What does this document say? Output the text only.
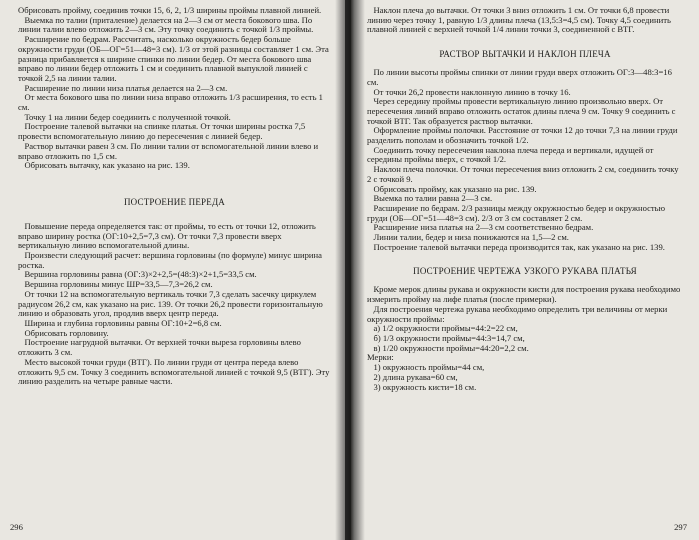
Обрисовать пройму, соединив точки 15, 6, 2, 1/3 ширины проймы плавной линией.

Выемка по талии (приталение) делается на 2—3 см от места бокового шва. По линии талии влево отложить 2—3 см. Эту точку соединить с точкой 1/3 проймы.

Расширение по бедрам. Рассчитать, насколько окружность бедер больше окружности груди (ОБ—ОГ=51—48=3 см). 1/3 от этой разницы составляет 1 см. Эта разница прибавляется к ширине спинки по линии бедер. От места бокового шва вправо по линии бедер отложить 1 см и соединить плавной выпуклой линией с точкой 2,5 на линии талии.

Расширение по линии низа платья делается на 2—3 см.

От места бокового шва по линии низа вправо отложить 1/3 расширения, то есть 1 см.

Точку 1 на линии бедер соединить с полученной точкой.

Построение талевой вытачки на спинке платья. От точки ширины ростка 7,5 провести вспомогательную линию до пересечения с линией бедер.

Раствор вытачки равен 3 см. По линии талии от вспомогательной линии влево и вправо отложить по 1,5 см.

Обрисовать вытачку, как указано на рис. 139.

ПОСТРОЕНИЕ ПЕРЕДА

Повышение переда определяется так: от проймы, то есть от точки 12, отложить вправо ширину ростка (ОГ:10+2,5=7,3 см). От точки 7,3 провести вверх вертикальную линию вспомогательной длины.

Произвести следующий расчет: вершина горловины (по формуле) минус ширина ростка.

Вершина горловины равна (ОГ:3)×2+2,5=(48:3)×2+1,5=33,5 см.

Вершина горловины минус ШР=33,5—7,3=26,2 см.

От точки 12 на вспомогательную вертикаль точки 7,3 сделать засечку циркулем радиусом 26,2 см, как указано на рис. 139. От точки 26,2 провести горизонтальную линию и образовать угол, продлив вверх центр переда.

Ширина и глубина горловины равны ОГ:10+2=6,8 см.

Обрисовать горловину.

Построение нагрудной вытачки. От верхней точки выреза горловины влево отложить 3 см.

Место высокой точки груди (ВТГ). По линии груди от центра переда влево отложить 9,5 см. Точку 3 соединить вспомогательной линией с точкой 9,5 (ВТГ). Эту линию разделить на четыре равные части.

296

Наклон плеча до вытачки. От точки 3 вниз отложить 1 см. От точки 6,8 провести линию через точку 1, равную 1/3 длины плеча (13,5:3=4,5 см). Точку 4,5 соединить плавной линией с верхней точкой 1/4 линии точки 3, соединенной с ВТГ.

РАСТВОР ВЫТАЧКИ И НАКЛОН ПЛЕЧА

По линии высоты проймы спинки от линии груди вверх отложить ОГ:3—48:3=16 см.

От точки 26,2 провести наклонную линию в точку 16.

Через середину проймы провести вертикальную линию произвольно вверх. От пересечения линий вправо отложить остаток длины плеча 9 см. Точку 9 соединить с точкой ВТГ. Так образуется раствор вытачки.

Оформление проймы полочки. Расстояние от точки 12 до точки 7,3 на линии груди разделить пополам и обозначить точкой 1/2.

Соединить точку пересечения наклона плеча переда и вертикали, идущей от середины проймы вверх, с точкой 1/2.

Наклон плеча полочки. От точки пересечения вниз отложить 2 см, соединить точку 2 с точкой 9.

Обрисовать пройму, как указано на рис. 139.

Выемка по талии равна 2—3 см.

Расширение по бедрам. 2/3 разницы между окружностью бедер и окружностью груди (ОБ—ОГ=51—48=3 см). 2/3 от 3 см составляет 2 см.

Расширение низа платья на 2—3 см соответственно бедрам.

Линии талии, бедер и низа понижаются на 1,5—2 см.

Построение талевой вытачки переда производится так, как указано на рис. 139.

ПОСТРОЕНИЕ ЧЕРТЕЖА УЗКОГО РУКАВА ПЛАТЬЯ

Кроме мерок длины рукава и окружности кисти для построения рукава необходимо измерить пройму на лифе платья (после примерки).

Для построения чертежа рукава необходимо определить три величины от мерки окружности проймы:

а) 1/2 окружности проймы=44:2=22 см,

б) 1/3 окружности проймы=44:3=14,7 см,

в) 1/20 окружности проймы=44:20=2,2 см.

Мерки:

1) окружность проймы=44 см,

2) длина рукава=60 см,

3) окружность кисти=18 см.

297
